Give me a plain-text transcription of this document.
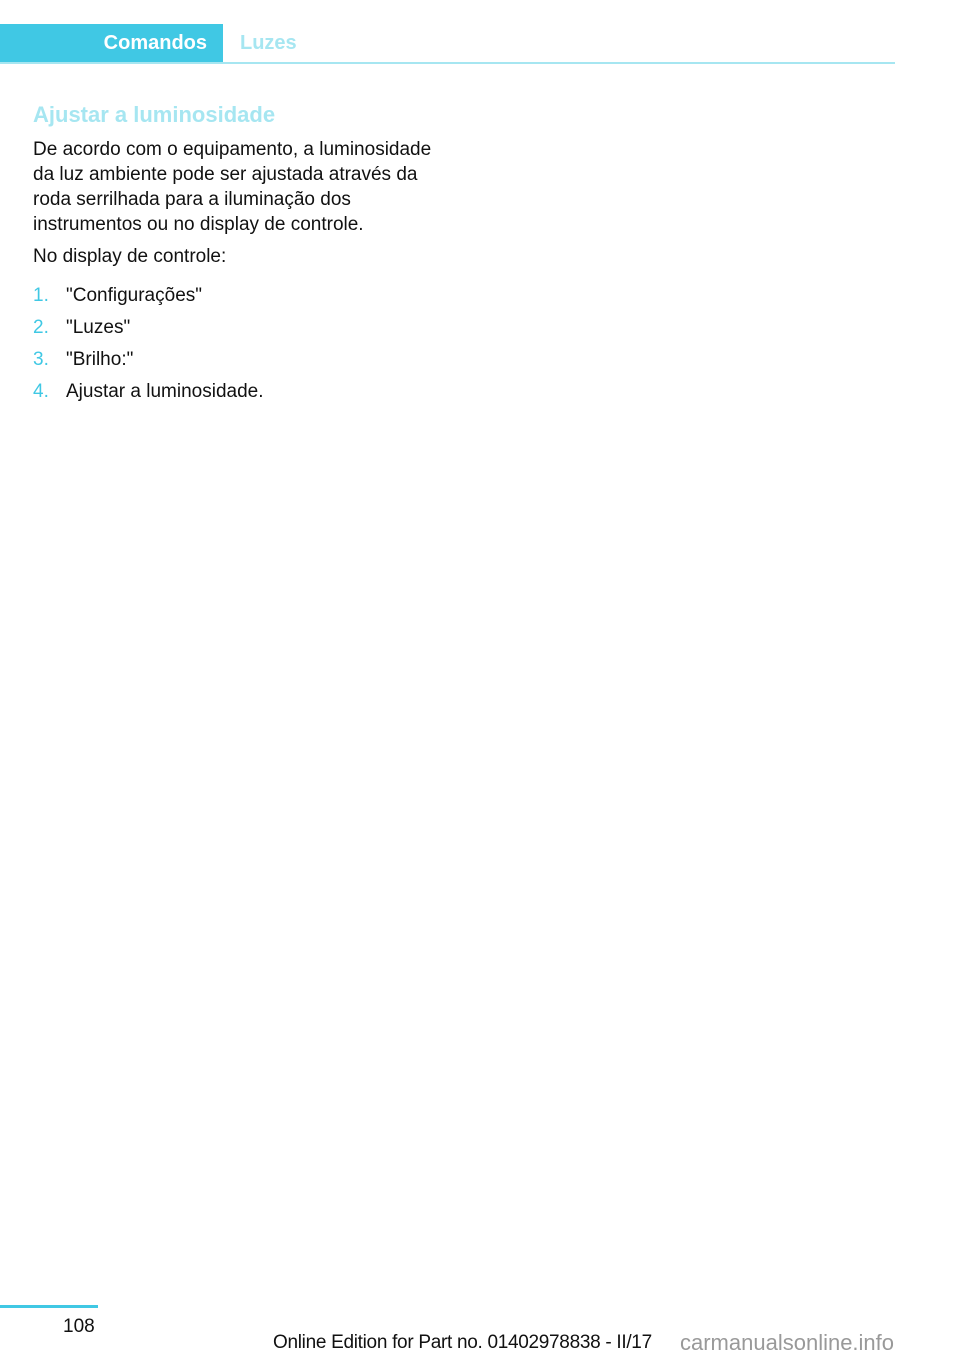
Comandos	Luzes
Ajustar a luminosidade

De acordo com o equipamento, a luminosidade da luz ambiente pode ser ajustada através da roda serrilhada para a iluminação dos instrumentos ou no display de controle.

No display de controle:

1. "Configurações"
2. "Luzes"
3. "Brilho:"
4. Ajustar a luminosidade.
108
Online Edition for Part no. 01402978838 - II/17 carmanualsonline.info
